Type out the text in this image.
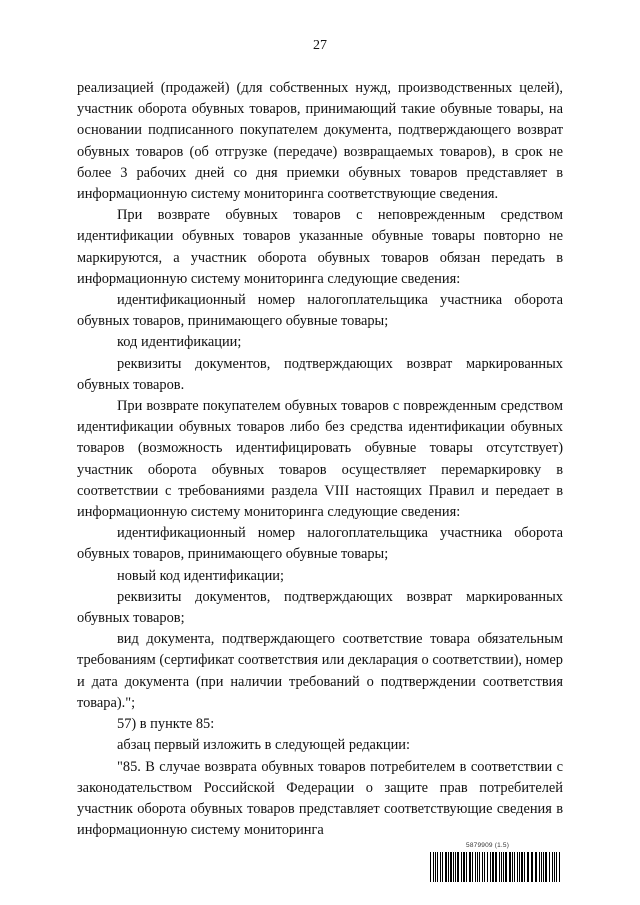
27

реализацией (продажей) (для собственных нужд, производственных целей), участник оборота обувных товаров, принимающий такие обувные товары, на основании подписанного покупателем документа, подтверждающего возврат обувных товаров (об отгрузке (передаче) возвращаемых товаров), в срок не более 3 рабочих дней со дня приемки обувных товаров представляет в информационную систему мониторинга соответствующие сведения.

При возврате обувных товаров с неповрежденным средством идентификации обувных товаров указанные обувные товары повторно не маркируются, а участник оборота обувных товаров обязан передать в информационную систему мониторинга следующие сведения:

идентификационный номер налогоплательщика участника оборота обувных товаров, принимающего обувные товары;

код идентификации;

реквизиты документов, подтверждающих возврат маркированных обувных товаров.

При возврате покупателем обувных товаров с поврежденным средством идентификации обувных товаров либо без средства идентификации обувных товаров (возможность идентифицировать обувные товары отсутствует) участник оборота обувных товаров осуществляет перемаркировку в соответствии с требованиями раздела VIII настоящих Правил и передает в информационную систему мониторинга следующие сведения:

идентификационный номер налогоплательщика участника оборота обувных товаров, принимающего обувные товары;

новый код идентификации;

реквизиты документов, подтверждающих возврат маркированных обувных товаров;

вид документа, подтверждающего соответствие товара обязательным требованиям (сертификат соответствия или декларация о соответствии), номер и дата документа (при наличии требований о подтверждении соответствия товара).";

57) в пункте 85:

абзац первый изложить в следующей редакции:

"85. В случае возврата обувных товаров потребителем в соответствии с законодательством Российской Федерации о защите прав потребителей участник оборота обувных товаров представляет соответствующие сведения в информационную систему мониторинга

5879909 (1.5)
